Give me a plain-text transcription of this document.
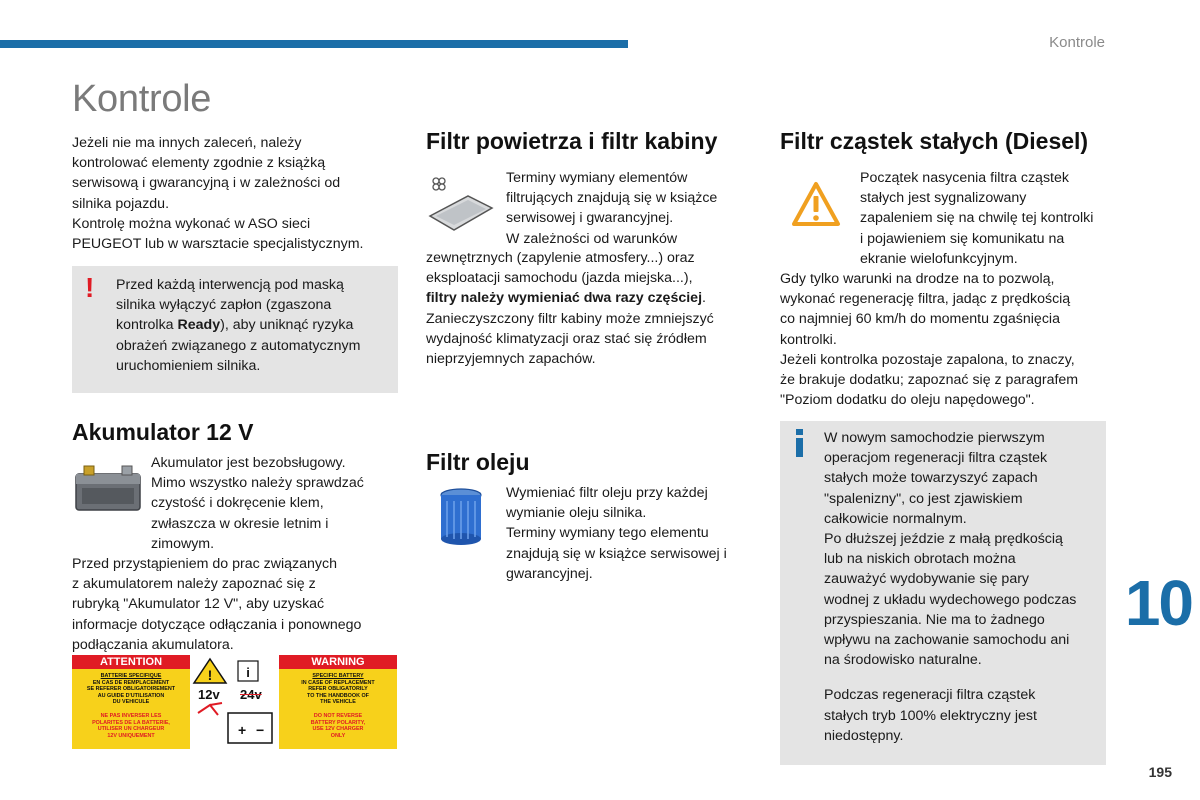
Kontrole
Kontrole

Jeżeli nie ma innych zaleceń, należy

kontrolować elementy zgodnie z książką

serwisową i gwarancyjną i w zależności od

silnika pojazdu.

Kontrolę można wykonać w ASO sieci

PEUGEOT lub w warsztacie specjalistycznym.

! Przed każdą interwencją pod maską

silnika wyłączyć zapłon (zgaszona

kontrolka Ready), aby uniknąć ryzyka

obrażeń związanego z automatycznym

uruchomieniem silnika.

Akumulator 12 V

Akumulator jest bezobsługowy.

Mimo wszystko należy sprawdzać

czystość i dokręcenie klem,

zwłaszcza w okresie letnim i

zimowym.

Przed przystąpieniem do prac związanych

z akumulatorem należy zapoznać się z

rubryką "Akumulator 12 V", aby uzyskać

informacje dotyczące odłączania i ponownego

podłączania akumulatora.

ATTENTION	WARNING
BATTERIE SPECIFIQUE
EN CAS DE REMPLACEMENT
SE REFERER OBLIGATOIREMENT
AU GUIDE D'UTILISATION
DU VEHICULE
NE PAS INVERSER LES
POLARITES DE LA BATTERIE,
UTILISER UN CHARGEUR
12V UNIQUEMENT
SPECIFIC BATTERY
IN CASE OF REPLACEMENT
REFER OBLIGATORILY
TO THE HANDBOOK OF
THE VEHICLE
DO NOT REVERSE
BATTERY POLARITY,
USE 12V CHARGER
ONLY
!	i
+ −
12v 24v
Filtr powietrza i filtr kabiny

Terminy wymiany elementów

filtrujących znajdują się w książce

serwisowej i gwarancyjnej.

W zależności od warunków

zewnętrznych (zapylenie atmosfery...) oraz

eksploatacji samochodu (jazda miejska...),

filtry należy wymieniać dwa razy częściej.

Zanieczyszczony filtr kabiny może zmniejszyć

wydajność klimatyzacji oraz stać się źródłem

nieprzyjemnych zapachów.

Filtr oleju

Wymieniać filtr oleju przy każdej

wymianie oleju silnika.

Terminy wymiany tego elementu

znajdują się w książce serwisowej i

gwarancyjnej.

Filtr cząstek stałych (Diesel)

Początek nasycenia filtra cząstek

stałych jest sygnalizowany

zapaleniem się na chwilę tej kontrolki

i pojawieniem się komunikatu na

ekranie wielofunkcyjnym.

Gdy tylko warunki na drodze na to pozwolą,

wykonać regenerację filtra, jadąc z prędkością

co najmniej 60 km/h do momentu zgaśnięcia

kontrolki.

Jeżeli kontrolka pozostaje zapalona, to znaczy,

że brakuje dodatku; zapoznać się z paragrafem

"Poziom dodatku do oleju napędowego".

W nowym samochodzie pierwszym

operacjom regeneracji filtra cząstek

stałych może towarzyszyć zapach

"spalenizny", co jest zjawiskiem

całkowicie normalnym.

Po dłuższej jeździe z małą prędkością

lub na niskich obrotach można

zauważyć wydobywanie się pary

wodnej z układu wydechowego podczas

przyspieszania. Nie ma to żadnego

wpływu na zachowanie samochodu ani

na środowisko naturalne.

Podczas regeneracji filtra cząstek

stałych tryb 100% elektryczny jest

niedostępny.

10
195
